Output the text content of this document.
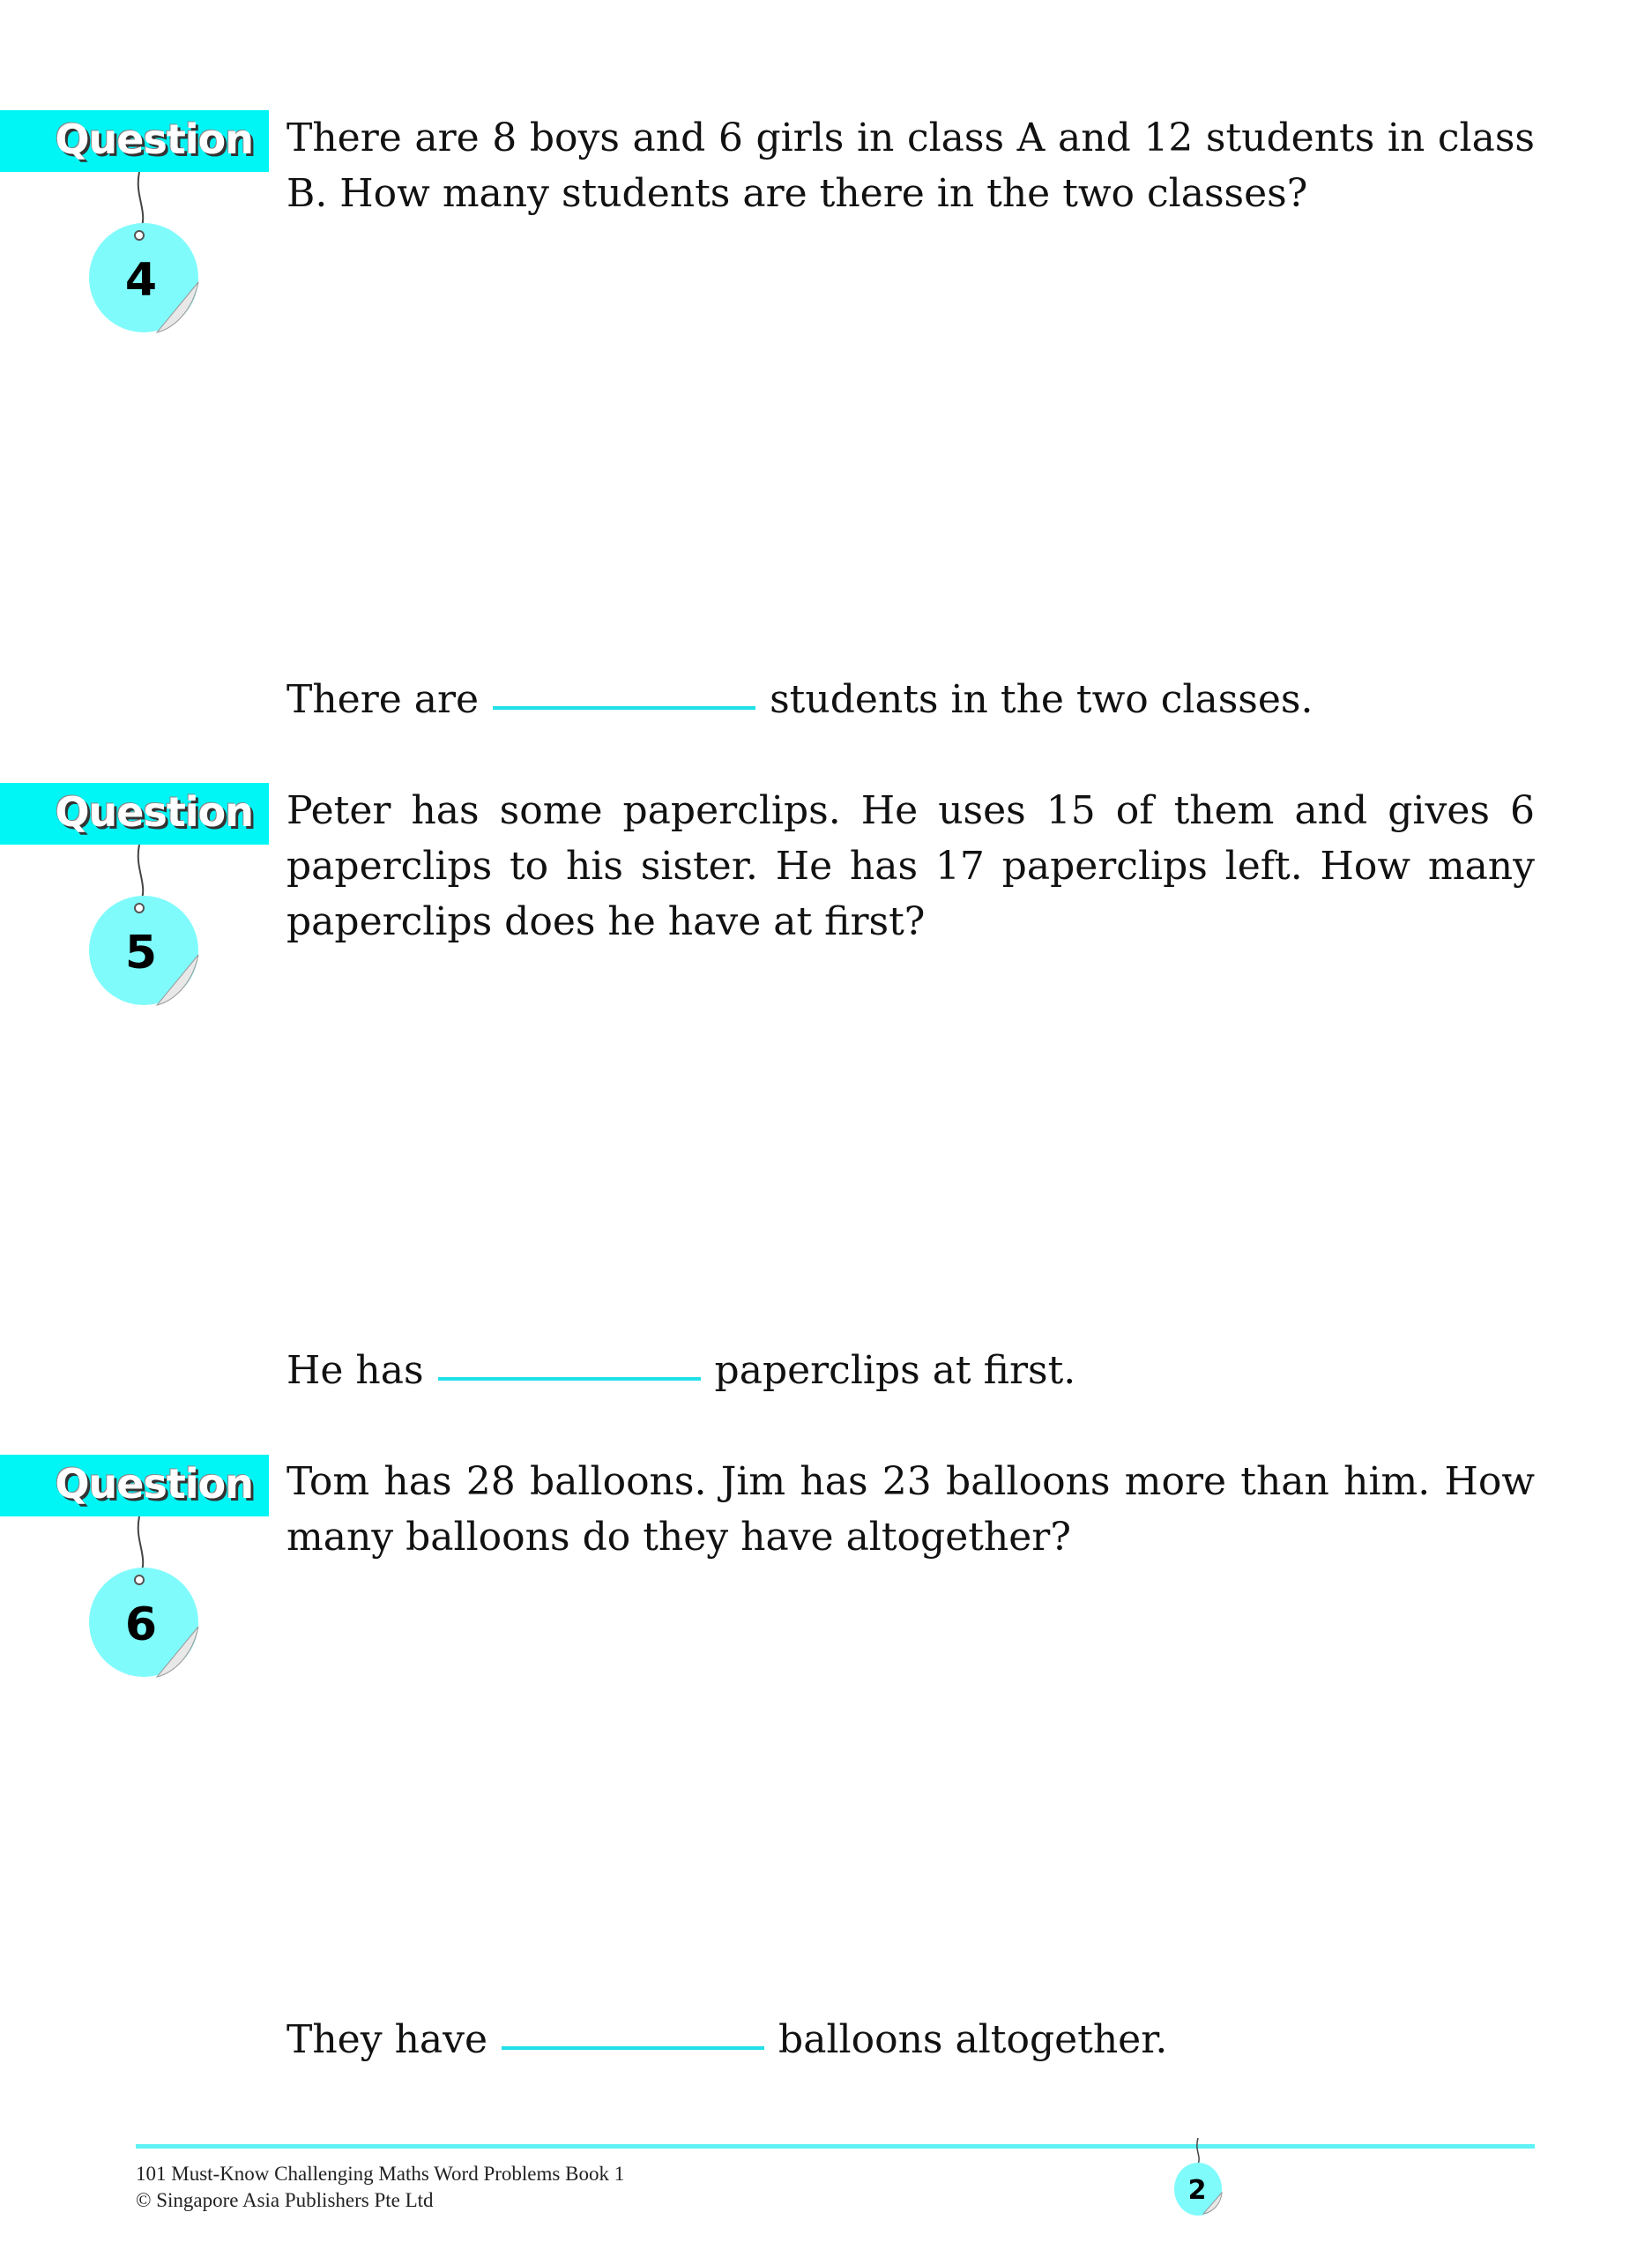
Question
4
There are 8 boys and 6 girls in class A and 12 students in class B. How many students are there in the two classes?
There are	students in the two classes.
Question
5
Peter has some paperclips. He uses 15 of them and gives 6 paperclips to his sister. He has 17 paperclips left. How many paperclips does he have at first?
He has	paperclips at first.
Question
6
Tom has 28 balloons. Jim has 23 balloons more than him. How many balloons do they have altogether?
They have	balloons altogether.
101 Must-Know Challenging Maths Word Problems Book 1
© Singapore Asia Publishers Pte Ltd	2
